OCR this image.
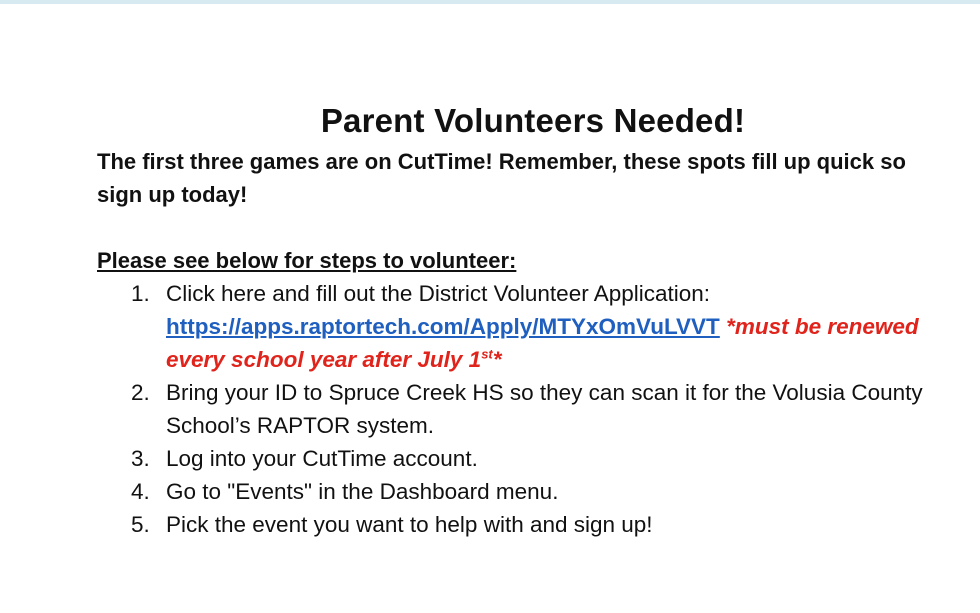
Parent Volunteers Needed!

The first three games are on CutTime! Remember, these spots fill up quick so sign up today!

Please see below for steps to volunteer:

1. Click here and fill out the District Volunteer Application:
https://apps.raptortech.com/Apply/MTYxOmVuLVVT *must be renewed every school year after July 1st*
2. Bring your ID to Spruce Creek HS so they can scan it for the Volusia County School’s RAPTOR system.
3. Log into your CutTime account.
4. Go to "Events" in the Dashboard menu.
5. Pick the event you want to help with and sign up!
